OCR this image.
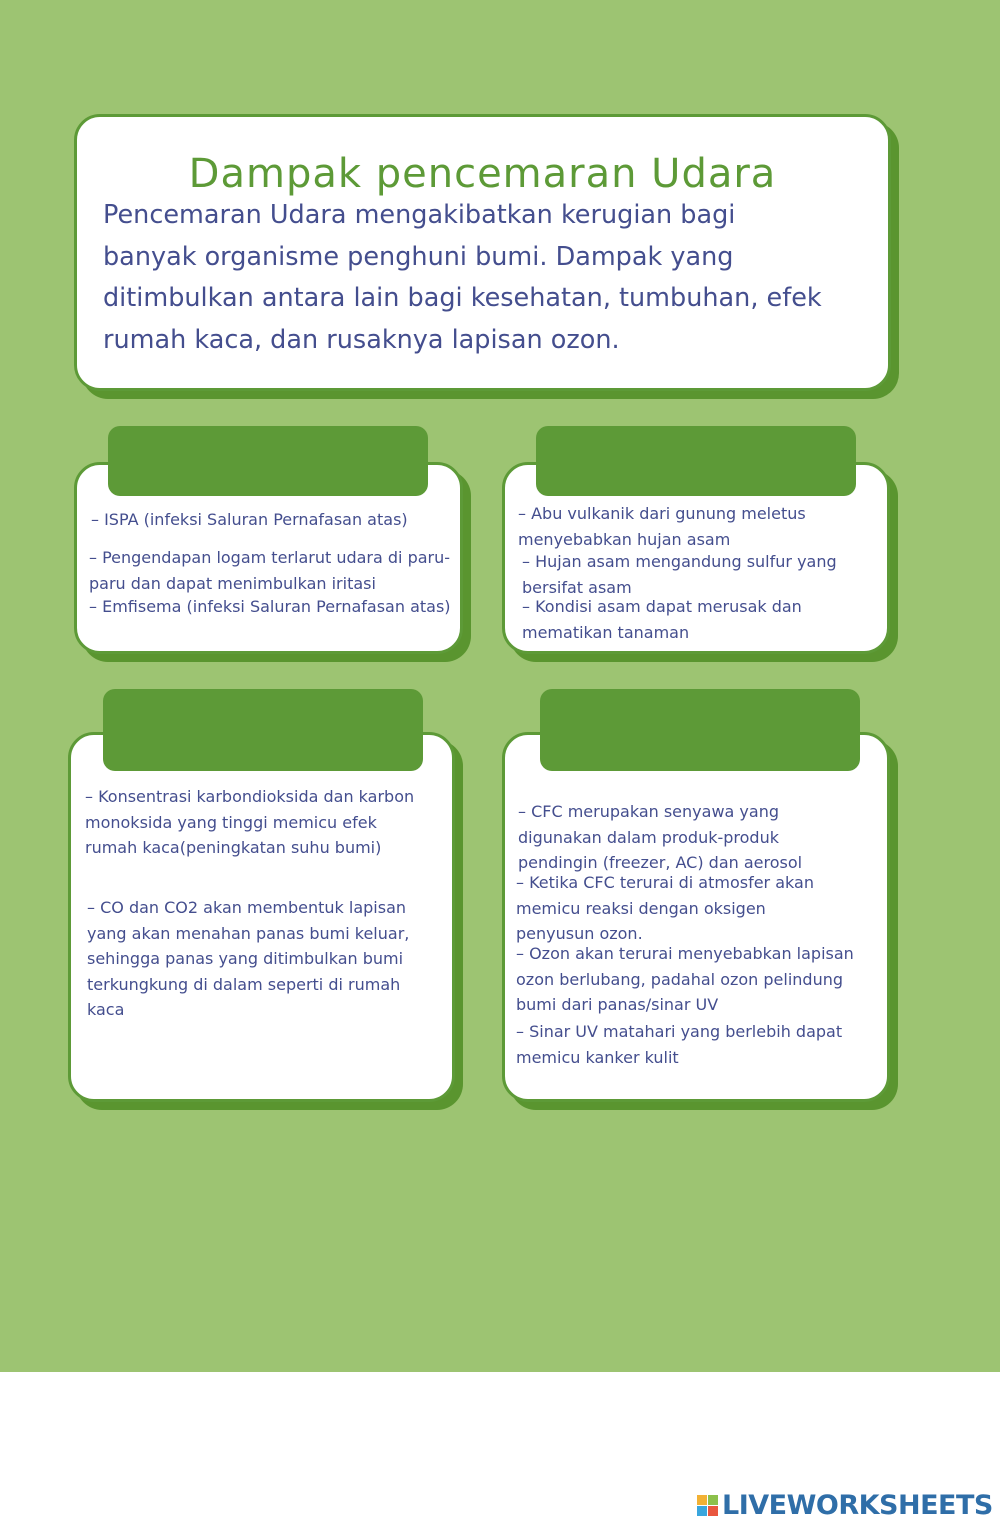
Dampak pencemaran Udara

Pencemaran Udara mengakibatkan kerugian bagi banyak organisme penghuni bumi. Dampak yang ditimbulkan antara lain bagi kesehatan, tumbuhan, efek rumah kaca, dan rusaknya lapisan ozon.

– ISPA (infeksi Saluran Pernafasan atas)

– Pengendapan logam terlarut udara di paru-paru dan dapat menimbulkan iritasi

– Emfisema (infeksi Saluran Pernafasan atas)

– Abu vulkanik dari gunung meletus menyebabkan hujan asam

– Hujan asam mengandung sulfur yang bersifat asam

– Kondisi asam dapat merusak dan mematikan tanaman

– Konsentrasi karbondioksida dan karbon monoksida yang tinggi memicu efek rumah kaca(peningkatan suhu bumi)

– CO dan CO2 akan membentuk lapisan yang akan menahan panas bumi keluar, sehingga panas yang ditimbulkan bumi terkungkung di dalam seperti di rumah kaca

– CFC merupakan senyawa yang digunakan dalam produk-produk pendingin (freezer, AC) dan aerosol

– Ketika CFC terurai di atmosfer akan memicu reaksi dengan oksigen penyusun ozon.

– Ozon akan terurai menyebabkan lapisan ozon berlubang, padahal ozon pelindung bumi dari panas/sinar UV

– Sinar UV matahari yang berlebih dapat memicu kanker kulit

LIVEWORKSHEETS
